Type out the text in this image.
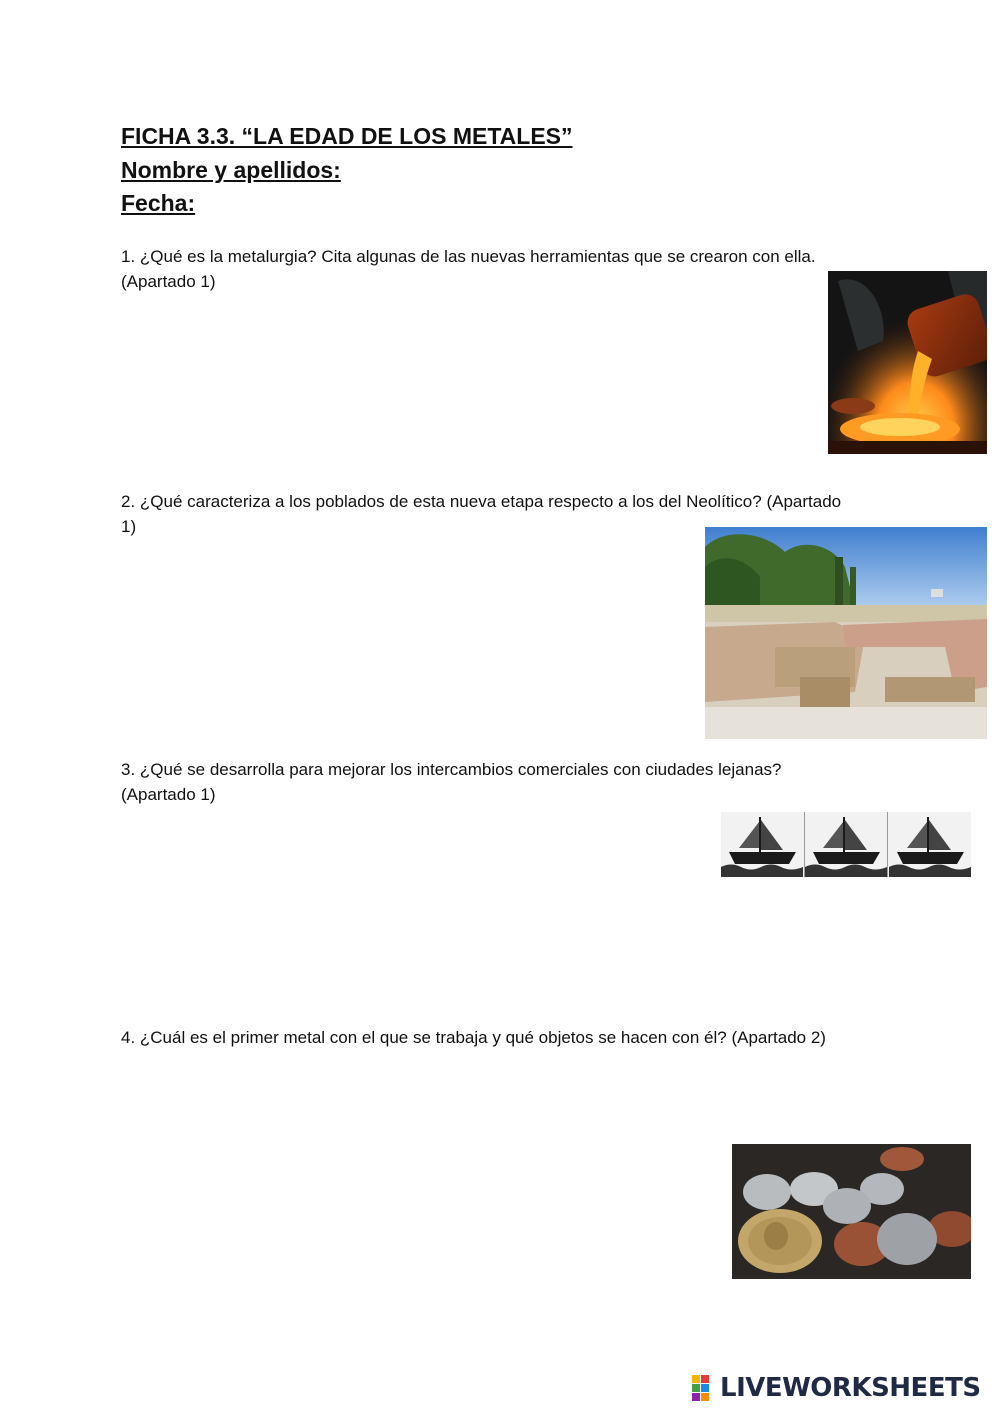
FICHA 3.3. “LA EDAD DE LOS METALES”
Nombre y apellidos:
Fecha:
1. ¿Qué es la metalurgia? Cita algunas de las nuevas herramientas que se crearon con ella. (Apartado 1)
2. ¿Qué caracteriza a los poblados de esta nueva etapa respecto a los del Neolítico? (Apartado 1)
3. ¿Qué se desarrolla para mejorar los intercambios comerciales con ciudades lejanas? (Apartado 1)
4. ¿Cuál es el primer metal con el que se trabaja y qué objetos se hacen con él? (Apartado 2)
LIVEWORKSHEETS
